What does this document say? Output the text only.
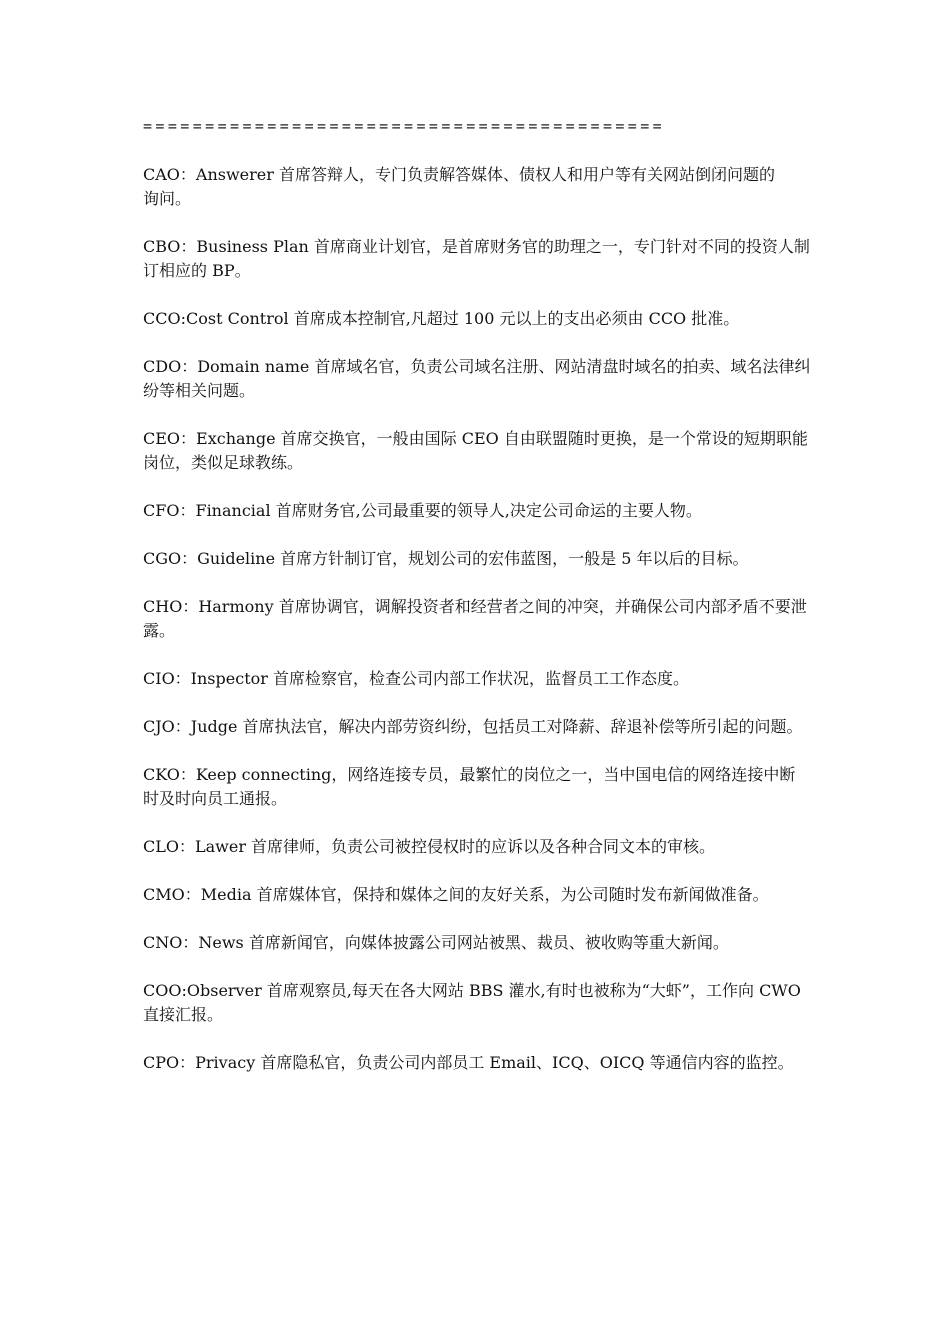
==========================================

CAO：Answerer 首席答辩人，专门负责解答媒体、债权人和用户等有关网站倒闭问题的
询问。

CBO：Business Plan 首席商业计划官，是首席财务官的助理之一，专门针对不同的投资人制订相应的 BP。

CCO:Cost Control 首席成本控制官,凡超过 100 元以上的支出必须由 CCO 批准。

CDO：Domain name 首席域名官，负责公司域名注册、网站清盘时域名的拍卖、域名法律纠纷等相关问题。

CEO：Exchange 首席交换官，一般由国际 CEO 自由联盟随时更换，是一个常设的短期职能岗位，类似足球教练。

CFO：Financial 首席财务官,公司最重要的领导人,决定公司命运的主要人物。

CGO：Guideline 首席方针制订官，规划公司的宏伟蓝图，一般是 5 年以后的目标。

CHO：Harmony 首席协调官，调解投资者和经营者之间的冲突，并确保公司内部矛盾不要泄露。

CIO：Inspector 首席检察官，检查公司内部工作状况，监督员工工作态度。

CJO：Judge 首席执法官，解决内部劳资纠纷，包括员工对降薪、辞退补偿等所引起的问题。

CKO：Keep connecting，网络连接专员，最繁忙的岗位之一，当中国电信的网络连接中断时及时向员工通报。

CLO：Lawer 首席律师，负责公司被控侵权时的应诉以及各种合同文本的审核。

CMO：Media 首席媒体官，保持和媒体之间的友好关系，为公司随时发布新闻做准备。

CNO：News 首席新闻官，向媒体披露公司网站被黑、裁员、被收购等重大新闻。

COO:Observer 首席观察员,每天在各大网站 BBS 灌水,有时也被称为“大虾”，工作向 CWO 直接汇报。

CPO：Privacy 首席隐私官，负责公司内部员工 Email、ICQ、OICQ 等通信内容的监控。
